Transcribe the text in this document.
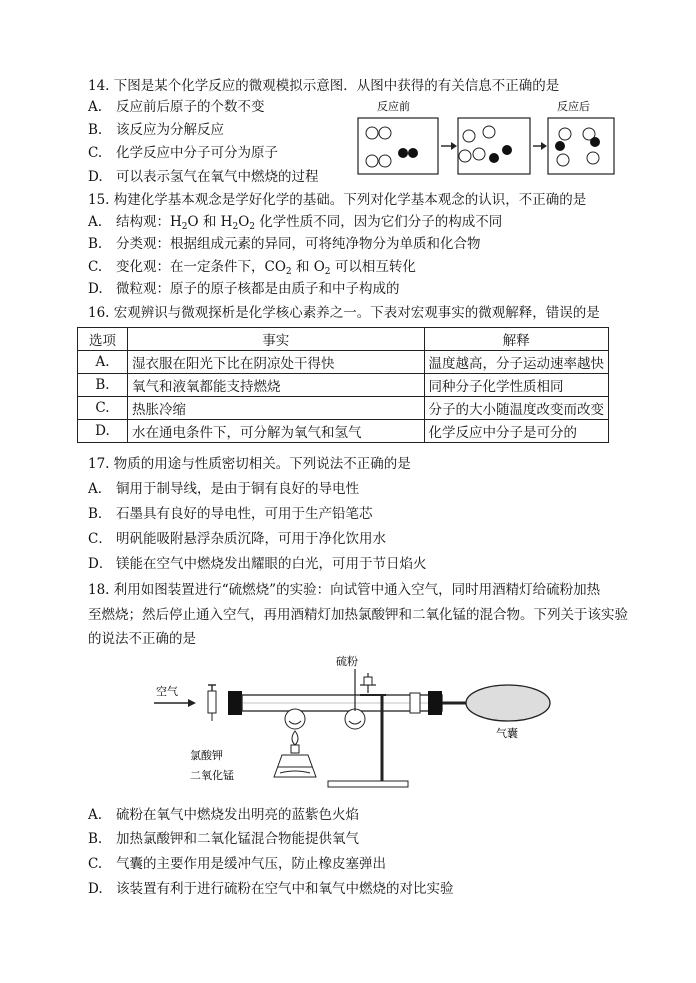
14. 下图是某个化学反应的微观模拟示意图．从图中获得的有关信息不正确的是
A. 反应前后原子的个数不变
B. 该反应为分解反应
C. 化学反应中分子可分为原子
D. 可以表示氢气在氧气中燃烧的过程
反应前	反应后
15. 构建化学基本观念是学好化学的基础。下列对化学基本观念的认识，不正确的是
A. 结构观：$H_2O$ 和 $H_2O_2$ 化学性质不同，因为它们分子的构成不同
B. 分类观：根据组成元素的异同，可将纯净物分为单质和化合物
C. 变化观：在一定条件下，$CO_2$ 和 $O_2$ 可以相互转化
D. 微粒观：原子的原子核都是由质子和中子构成的
16. 宏观辨识与微观探析是化学核心素养之一。下表对宏观事实的微观解释，错误的是
选项	事实	解释
A.	湿衣服在阳光下比在阴凉处干得快	温度越高，分子运动速率越快
B.	氧气和液氧都能支持燃烧	同种分子化学性质相同
C.	热胀冷缩	分子的大小随温度改变而改变
D.	水在通电条件下，可分解为氧气和氢气	化学反应中分子是可分的
17. 物质的用途与性质密切相关。下列说法不正确的是
A． 铜用于制导线，是由于铜有良好的导电性
B． 石墨具有良好的导电性，可用于生产铅笔芯
C． 明矾能吸附悬浮杂质沉降，可用于净化饮用水
D． 镁能在空气中燃烧发出耀眼的白光，可用于节日焰火
18. 利用如图装置进行“硫燃烧”的实验：向试管中通入空气，同时用酒精灯给硫粉加热
至燃烧；然后停止通入空气，再用酒精灯加热氯酸钾和二氧化锰的混合物。下列关于该实验
的说法不正确的是
空气
气囊
硫粉
氯酸钾
二氧化锰
A. 硫粉在氧气中燃烧发出明亮的蓝紫色火焰
B. 加热氯酸钾和二氧化锰混合物能提供氧气
C. 气囊的主要作用是缓冲气压，防止橡皮塞弹出
D. 该装置有利于进行硫粉在空气中和氧气中燃烧的对比实验
